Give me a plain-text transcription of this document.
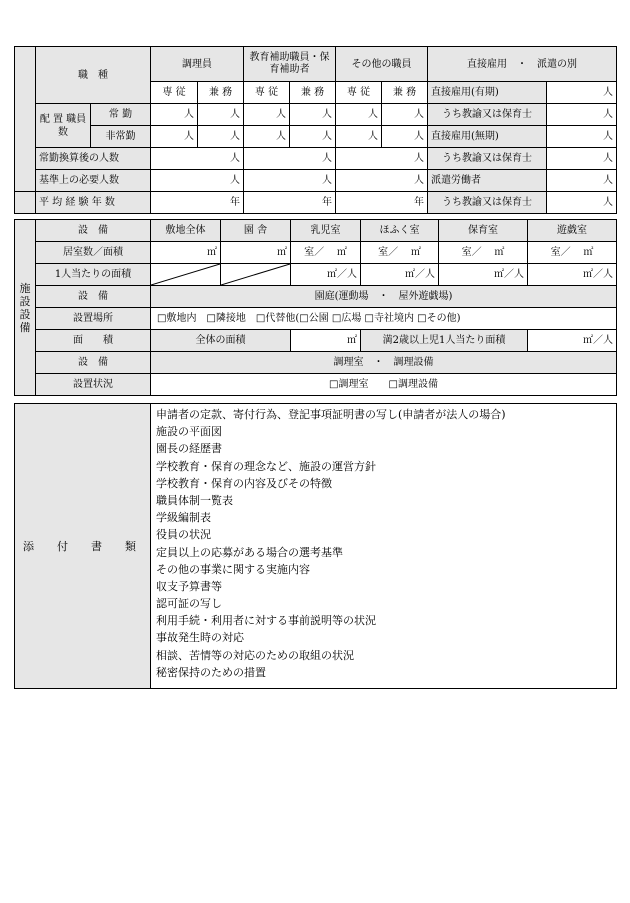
	職　種		調理員		教育補助職員・保育補助者		その他の職員		直接雇用　・　派遣の別	
			専 従	兼 務	専 従	兼 務	専 従	兼 務	直接雇用(有期)	人
	配 置 職員数	常 勤	人	人	人	人	人	人	うち教諭又は保育士	人
		非常勤	人	人	人	人	人	人	直接雇用(無期)	人
	常勤換算後の人数		人		人		人		うち教諭又は保育士	人
	基準上の必要人数		人		人		人		派遣労働者	人
	平 均 経 験 年 数		年		年		年		うち教諭又は保育士	人
施設設備	設　備	敷地全体	園 舎	乳児室	ほふく室	保育室	遊戯室
	居室数／面積	㎡	㎡	室／ ㎡	室／ ㎡	室／ ㎡	室／ ㎡
	1人当たりの面積			㎡／人	㎡／人	㎡／人	㎡／人
	設　備	園庭(運動場　・　屋外遊戯場)					
	設置場所	□敷地内　□隣接地　□代替他(□公園 □広場 □寺社境内 □その他)					
	面　　積	全体の面積		㎡	満2歳以上児1人当たり面積		㎡／人
	設　備	調理室　・　調理設備					
	設置状況	□調理室　　□調理設備					
添　付　書　類	
申請者の定款、寄付行為、登記事項証明書の写し(申請者が法人の場合)
施設の平面図
園長の経歴書
学校教育・保育の理念など、施設の運営方針
学校教育・保育の内容及びその特徴
職員体制一覧表
学級編制表
役員の状況
定員以上の応募がある場合の選考基準
その他の事業に関する実施内容
収支予算書等
認可証の写し
利用手続・利用者に対する事前説明等の状況
事故発生時の対応
相談、苦情等の対応のための取組の状況
秘密保持のための措置
